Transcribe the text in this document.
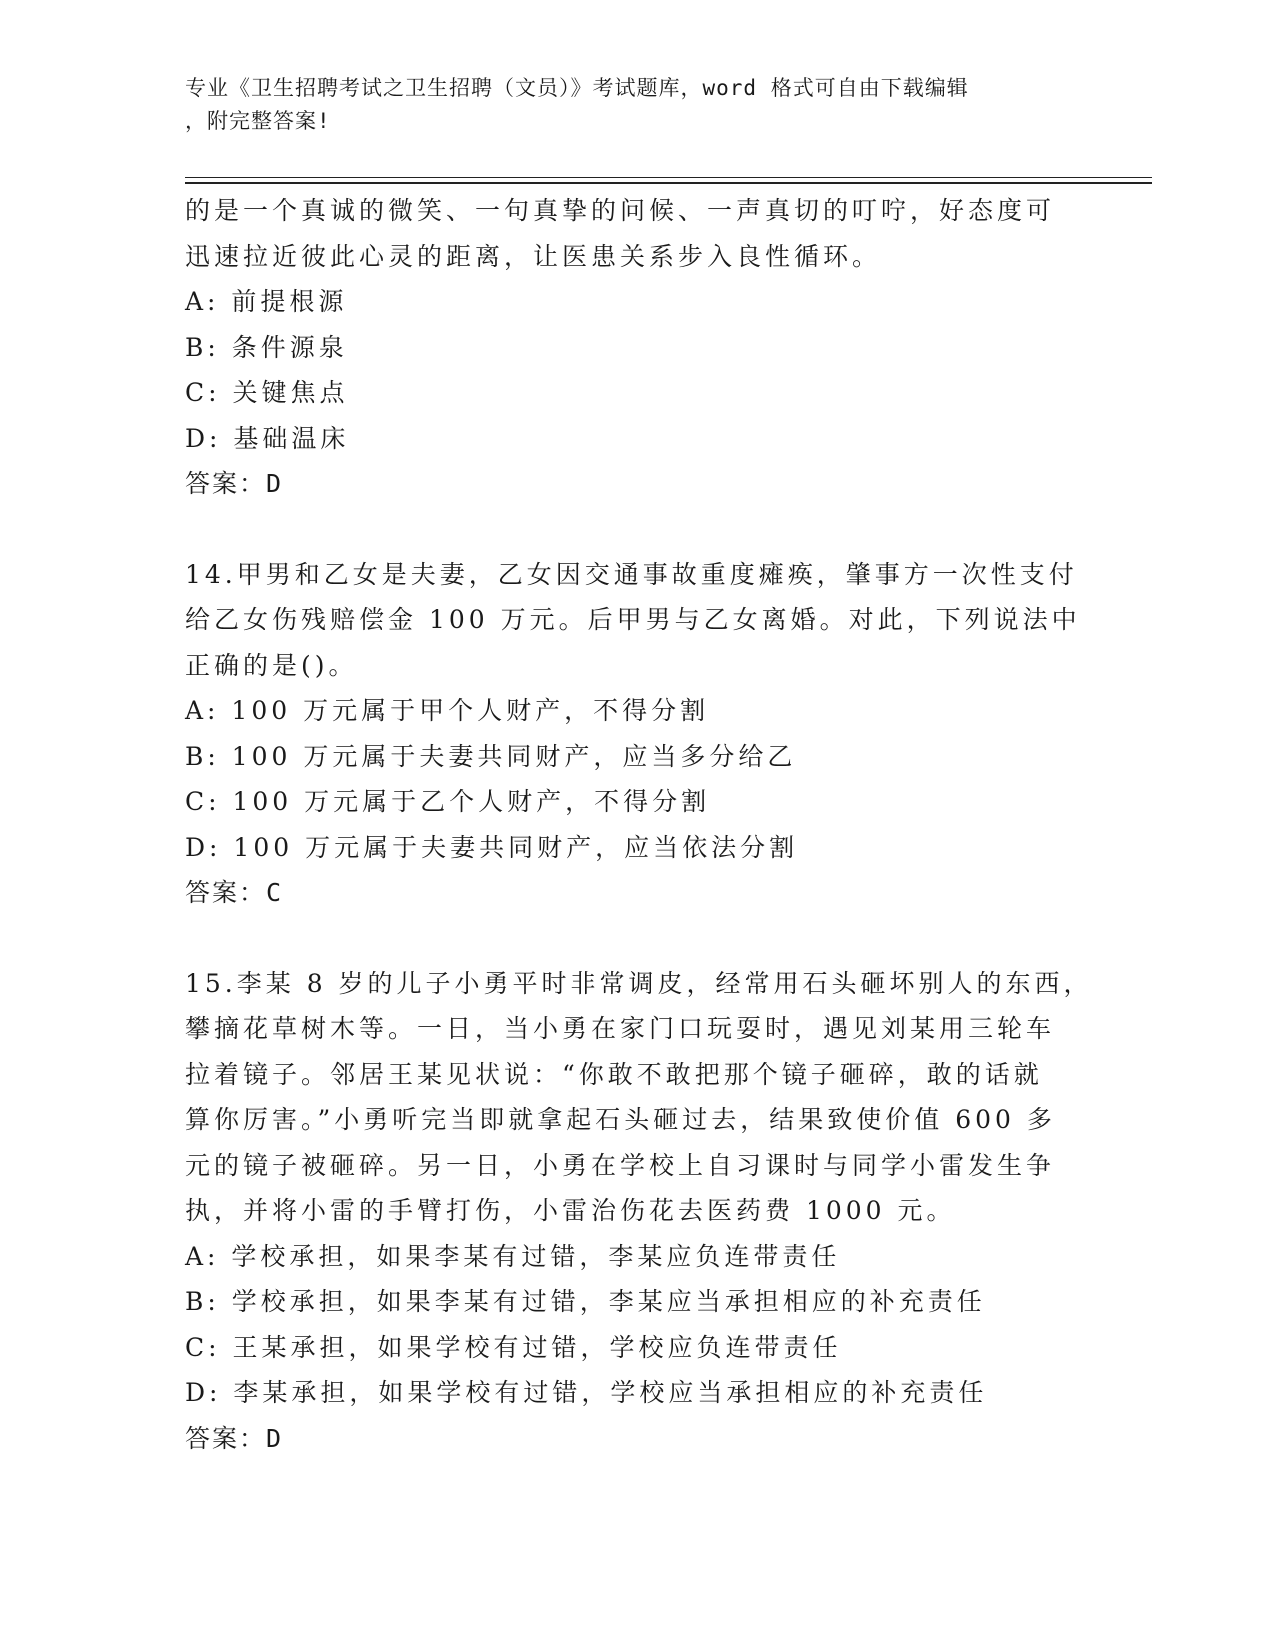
专业《卫生招聘考试之卫生招聘（文员）》考试题库，word 格式可自由下载编辑
，附完整答案!
的是一个真诚的微笑、一句真挚的问候、一声真切的叮咛，好态度可
迅速拉近彼此心灵的距离，让医患关系步入良性循环。
A: 前提根源
B: 条件源泉
C: 关键焦点
D: 基础温床
答案：D
14.甲男和乙女是夫妻，乙女因交通事故重度瘫痪，肇事方一次性支付
给乙女伤残赔偿金 100 万元。后甲男与乙女离婚。对此，下列说法中
正确的是()。
A: 100 万元属于甲个人财产，不得分割
B: 100 万元属于夫妻共同财产，应当多分给乙
C: 100 万元属于乙个人财产，不得分割
D: 100 万元属于夫妻共同财产，应当依法分割
答案：C
15.李某 8 岁的儿子小勇平时非常调皮，经常用石头砸坏别人的东西，
攀摘花草树木等。一日，当小勇在家门口玩耍时，遇见刘某用三轮车
拉着镜子。邻居王某见状说：“你敢不敢把那个镜子砸碎，敢的话就
算你厉害。”小勇听完当即就拿起石头砸过去，结果致使价值 600 多
元的镜子被砸碎。另一日，小勇在学校上自习课时与同学小雷发生争
执，并将小雷的手臂打伤，小雷治伤花去医药费 1000 元。
A: 学校承担，如果李某有过错，李某应负连带责任
B: 学校承担，如果李某有过错，李某应当承担相应的补充责任
C: 王某承担，如果学校有过错，学校应负连带责任
D: 李某承担，如果学校有过错，学校应当承担相应的补充责任
答案：D
